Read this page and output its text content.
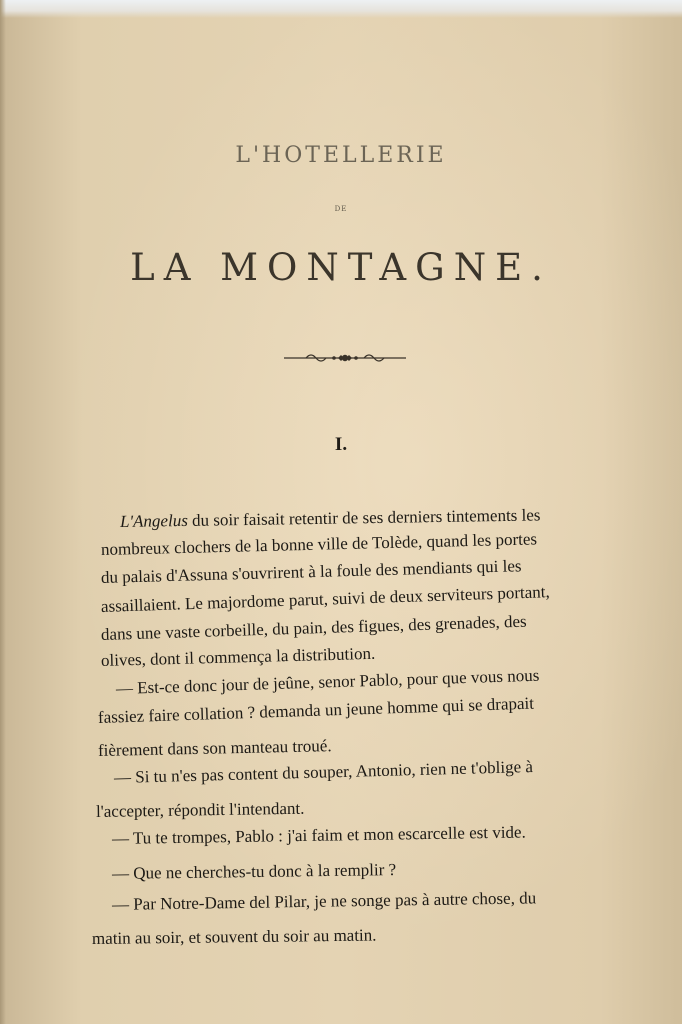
L'HOTELLERIE
DE
LA MONTAGNE.
I.
L'Angelus du soir faisait retentir de ses derniers tintements les
nombreux clochers de la bonne ville de Tolède, quand les portes
du palais d'Assuna s'ouvrirent à la foule des mendiants qui les
assaillaient. Le majordome parut, suivi de deux serviteurs portant,
dans une vaste corbeille, du pain, des figues, des grenades, des
olives, dont il commença la distribution.
— Est-ce donc jour de jeûne, senor Pablo, pour que vous nous
fassiez faire collation ? demanda un jeune homme qui se drapait
fièrement dans son manteau troué.
— Si tu n'es pas content du souper, Antonio, rien ne t'oblige à
l'accepter, répondit l'intendant.
— Tu te trompes, Pablo : j'ai faim et mon escarcelle est vide.
— Que ne cherches-tu donc à la remplir ?
— Par Notre-Dame del Pilar, je ne songe pas à autre chose, du
matin au soir, et souvent du soir au matin.
